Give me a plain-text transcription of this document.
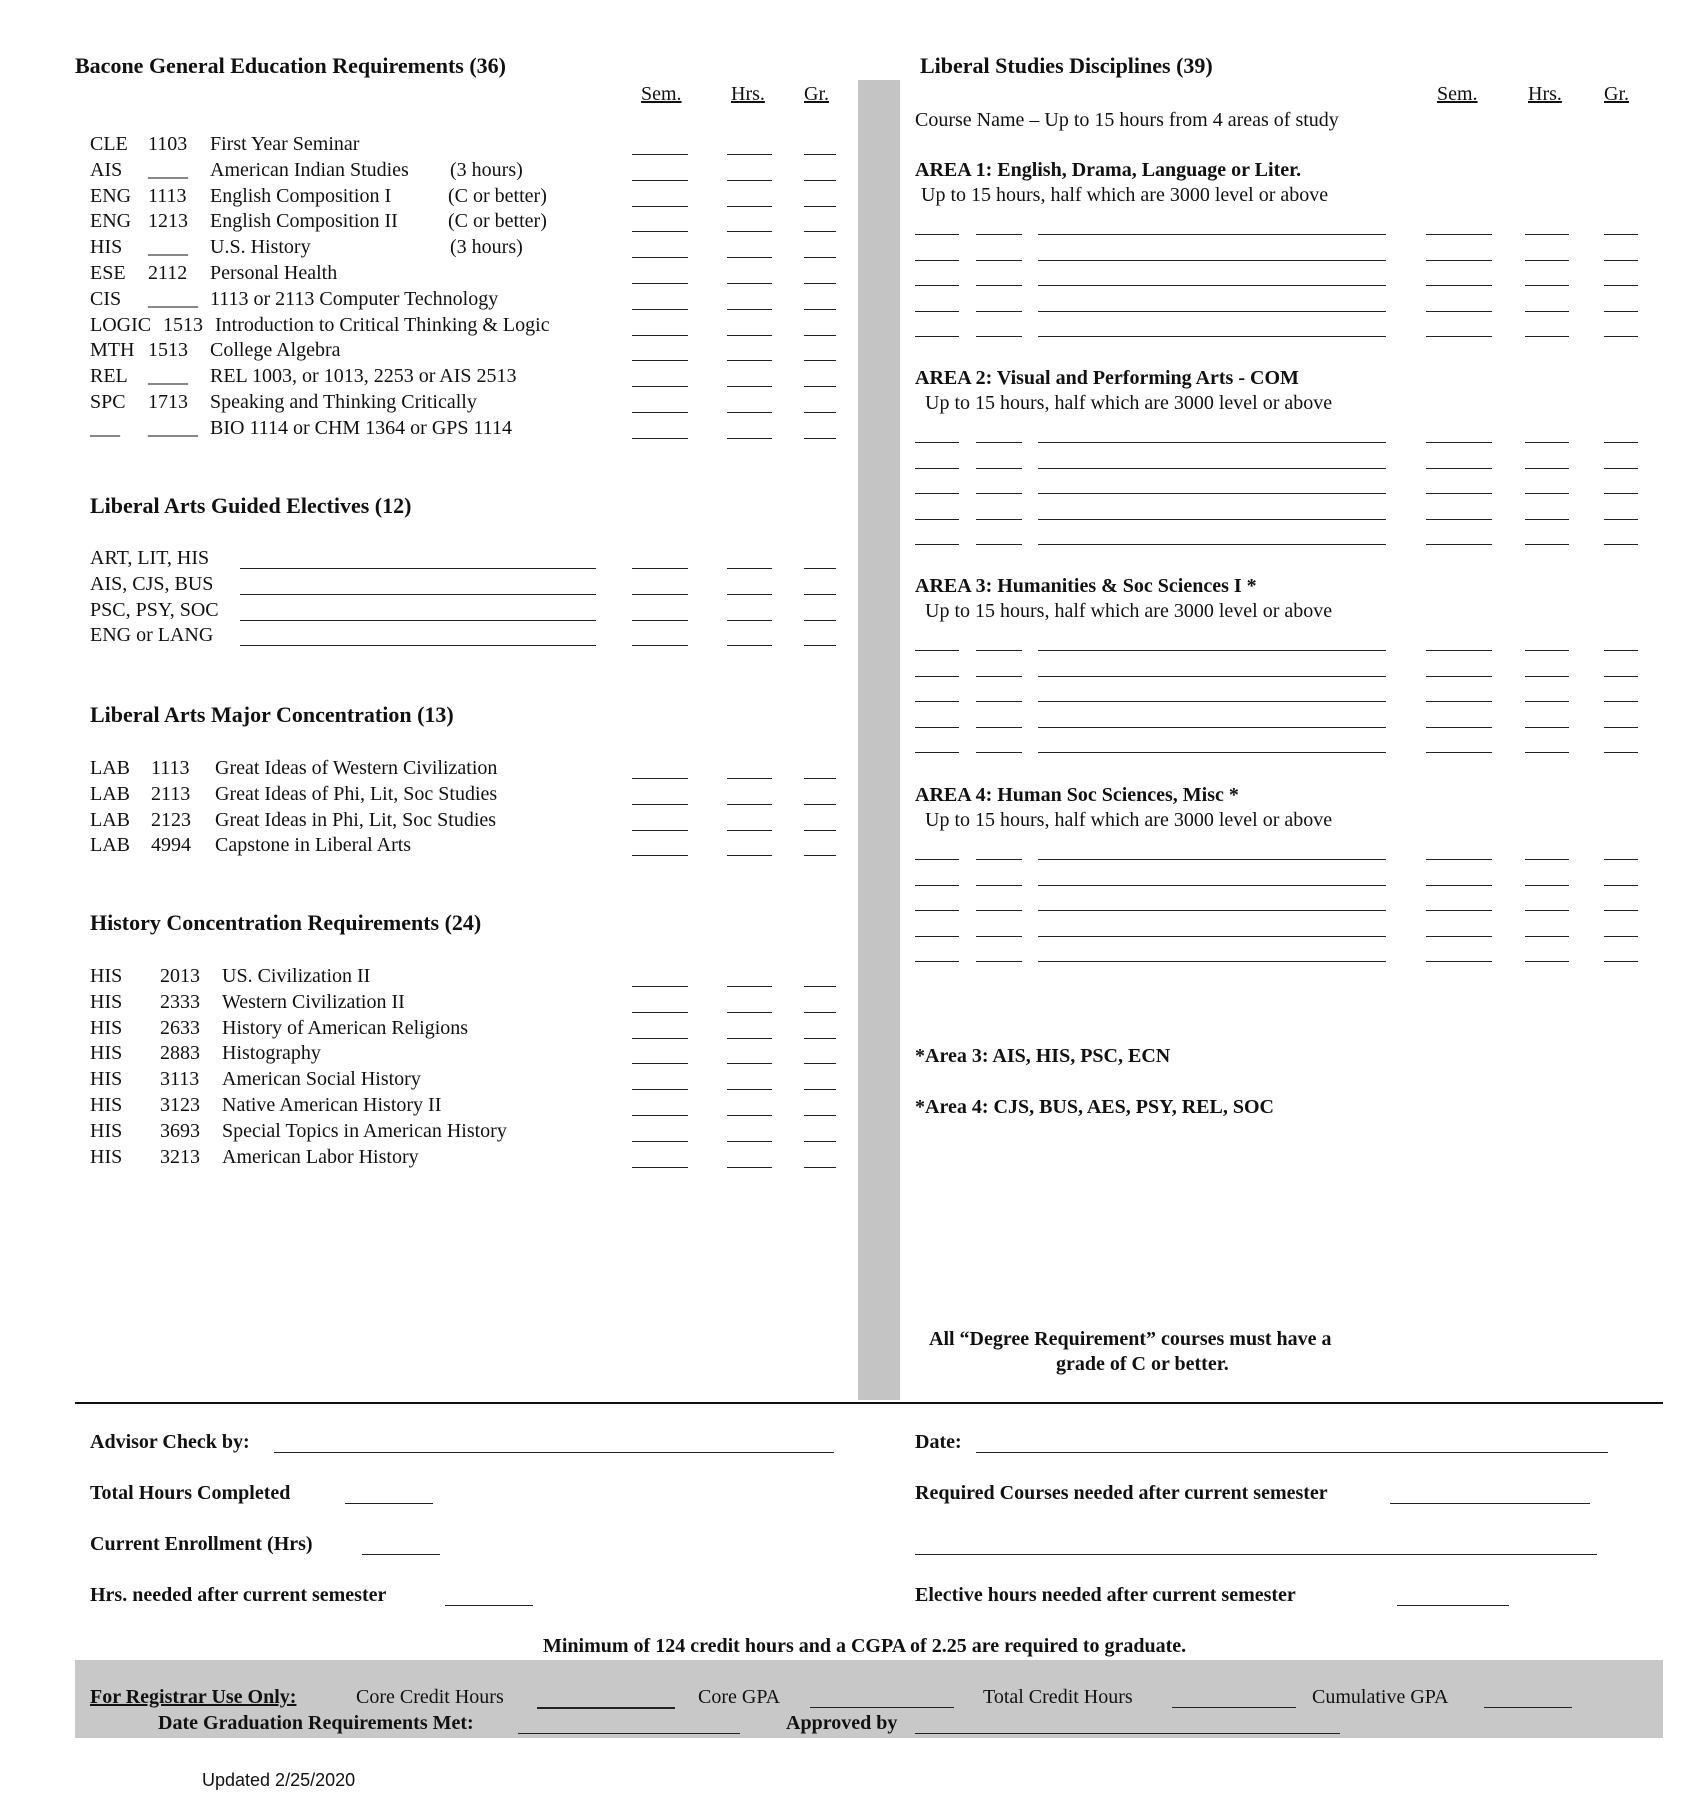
Bacone General Education Requirements (36)
Sem. Hrs. Gr.
Liberal Arts Guided Electives (12)
Liberal Arts Major Concentration (13)
History Concentration Requirements (24)
Liberal Studies Disciplines (39)
Sem.	Hrs. Gr.
Course Name – Up to 15 hours from 4 areas of study
*Area 3: AIS, HIS, PSC, ECN
*Area 4: CJS, BUS, AES, PSY, REL, SOC
All “Degree Requirement” courses must have a
grade of C or better.
Advisor Check by:	Date:
Total Hours Completed	Required Courses needed after current semester
Current Enrollment (Hrs)
Hrs. needed after current semester	Elective hours needed after current semester
Minimum of 124 credit hours and a CGPA of 2.25 are required to graduate.
For Registrar Use Only:	Core Credit Hours	Core GPA	Total Credit Hours	Cumulative GPA
Date Graduation Requirements Met:	Approved by
Updated 2/25/2020
CLE 1103 First Year Seminar
AIS ____ American Indian Studies (3 hours)
ENG 1113 English Composition I	(C or better)
ENG 1213 English Composition II	(C or better)
HIS ____ U.S. History	(3 hours)
ESE 2112 Personal Health
CIS _____ 1113 or 2113 Computer Technology
LOGIC 1513 Introduction to Critical Thinking & Logic
MTH 1513 College Algebra
REL ____ REL 1003, or 1013, 2253 or AIS 2513
SPC 1713 Speaking and Thinking Critically
___ _____ BIO 1114 or CHM 1364 or GPS 1114
ART, LIT, HIS
AIS, CJS, BUS
PSC, PSY, SOC
ENG or LANG
LAB 1113 Great Ideas of Western Civilization
LAB 2113 Great Ideas of Phi, Lit, Soc Studies
LAB 2123 Great Ideas in Phi, Lit, Soc Studies
LAB 4994 Capstone in Liberal Arts
HIS 2013 US. Civilization II
HIS 2333 Western Civilization II
HIS 2633 History of American Religions
HIS 2883 Histography
HIS 3113 American Social History
HIS 3123 Native American History II
HIS 3693 Special Topics in American History
HIS 3213 American Labor History
AREA 1: English, Drama, Language or Liter.
Up to 15 hours, half which are 3000 level or above
AREA 2: Visual and Performing Arts - COM
Up to 15 hours, half which are 3000 level or above
AREA 3: Humanities & Soc Sciences I *
Up to 15 hours, half which are 3000 level or above
AREA 4: Human Soc Sciences, Misc *
Up to 15 hours, half which are 3000 level or above
